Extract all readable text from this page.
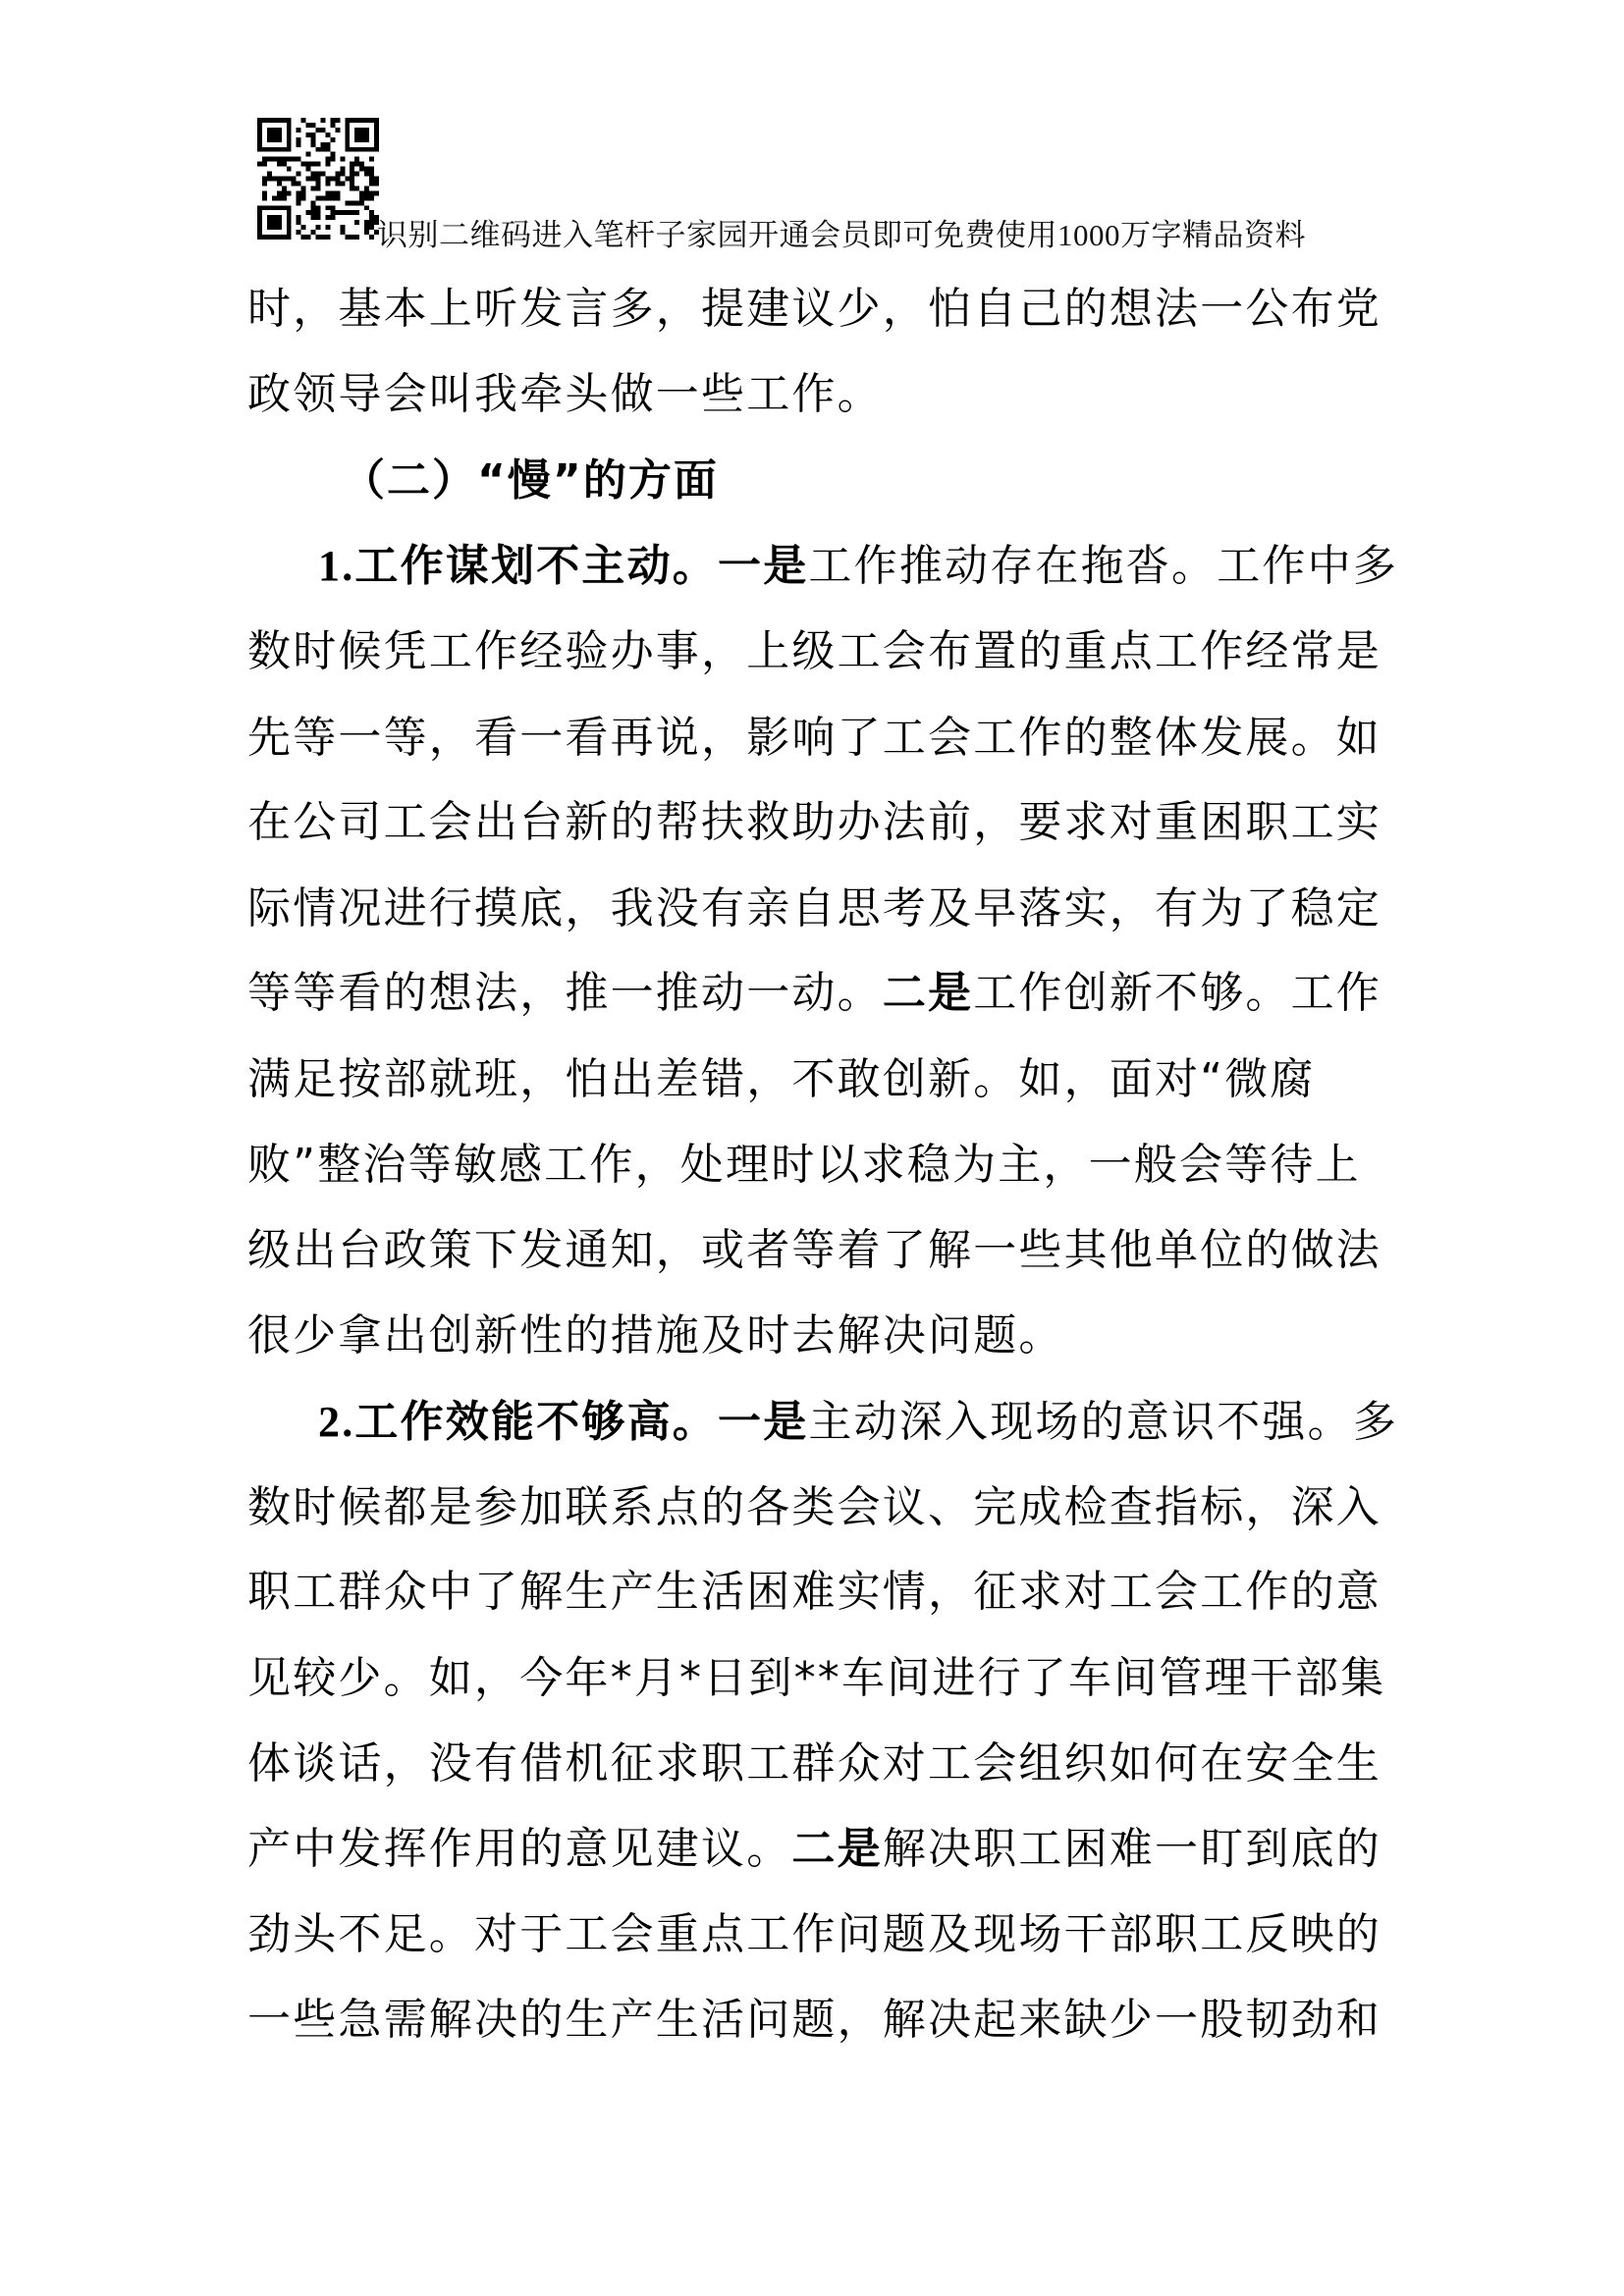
识别二维码进入笔杆子家园开通会员即可免费使用1000万字精品资料
时，基本上听发言多，提建议少，怕自己的想法一公布党
政领导会叫我牵头做一些工作。
（二）“慢”的方面
1.工作谋划不主动。一是工作推动存在拖沓。工作中多
数时候凭工作经验办事，上级工会布置的重点工作经常是
先等一等，看一看再说，影响了工会工作的整体发展。如
在公司工会出台新的帮扶救助办法前，要求对重困职工实
际情况进行摸底，我没有亲自思考及早落实，有为了稳定
等等看的想法，推一推动一动。二是工作创新不够。工作
满足按部就班，怕出差错，不敢创新。如，面对“微腐
败”整治等敏感工作，处理时以求稳为主，一般会等待上
级出台政策下发通知，或者等着了解一些其他单位的做法
很少拿出创新性的措施及时去解决问题。
2.工作效能不够高。一是主动深入现场的意识不强。多
数时候都是参加联系点的各类会议、完成检查指标，深入
职工群众中了解生产生活困难实情，征求对工会工作的意
见较少。如，今年*月*日到**车间进行了车间管理干部集
体谈话，没有借机征求职工群众对工会组织如何在安全生
产中发挥作用的意见建议。二是解决职工困难一盯到底的
劲头不足。对于工会重点工作问题及现场干部职工反映的
一些急需解决的生产生活问题，解决起来缺少一股韧劲和
